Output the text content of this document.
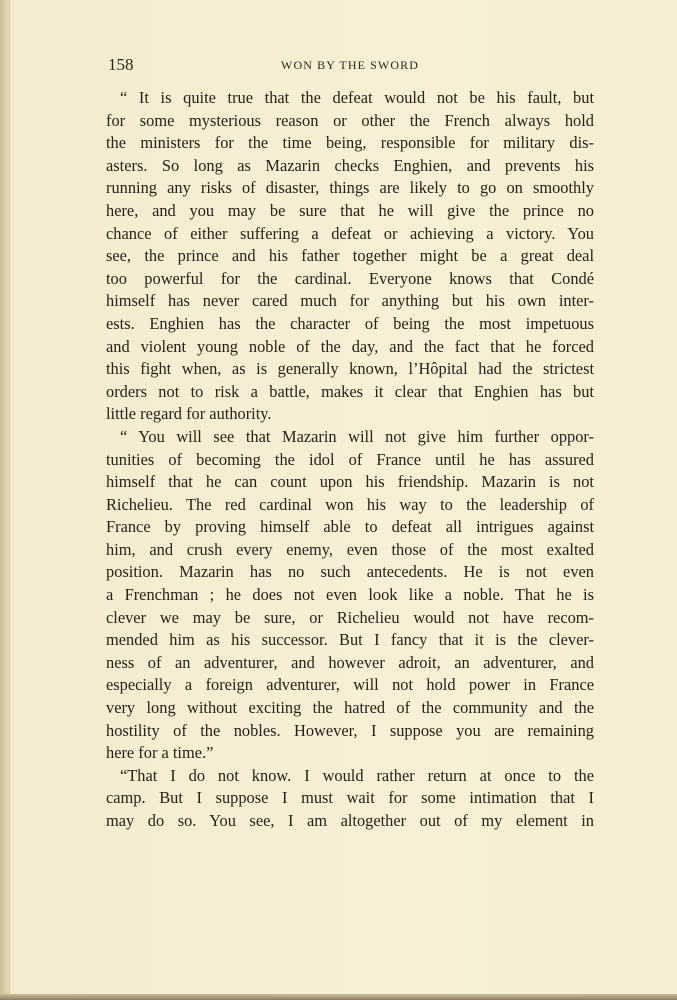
158	WON BY THE SWORD
“ It is quite true that the defeat would not be his fault, but
for some mysterious reason or other the French always hold
the ministers for the time being, responsible for military dis-
asters. So long as Mazarin checks Enghien, and prevents his
running any risks of disaster, things are likely to go on smoothly
here, and you may be sure that he will give the prince no
chance of either suffering a defeat or achieving a victory. You
see, the prince and his father together might be a great deal
too powerful for the cardinal. Everyone knows that Condé
himself has never cared much for anything but his own inter-
ests. Enghien has the character of being the most impetuous
and violent young noble of the day, and the fact that he forced
this fight when, as is generally known, l’Hôpital had the strictest
orders not to risk a battle, makes it clear that Enghien has but
little regard for authority.
“ You will see that Mazarin will not give him further oppor-
tunities of becoming the idol of France until he has assured
himself that he can count upon his friendship. Mazarin is not
Richelieu. The red cardinal won his way to the leadership of
France by proving himself able to defeat all intrigues against
him, and crush every enemy, even those of the most exalted
position. Mazarin has no such antecedents. He is not even
a Frenchman ; he does not even look like a noble. That he is
clever we may be sure, or Richelieu would not have recom-
mended him as his successor. But I fancy that it is the clever-
ness of an adventurer, and however adroit, an adventurer, and
especially a foreign adventurer, will not hold power in France
very long without exciting the hatred of the community and the
hostility of the nobles. However, I suppose you are remaining
here for a time.”
“That I do not know. I would rather return at once to the
camp. But I suppose I must wait for some intimation that I
may do so. You see, I am altogether out of my element in
